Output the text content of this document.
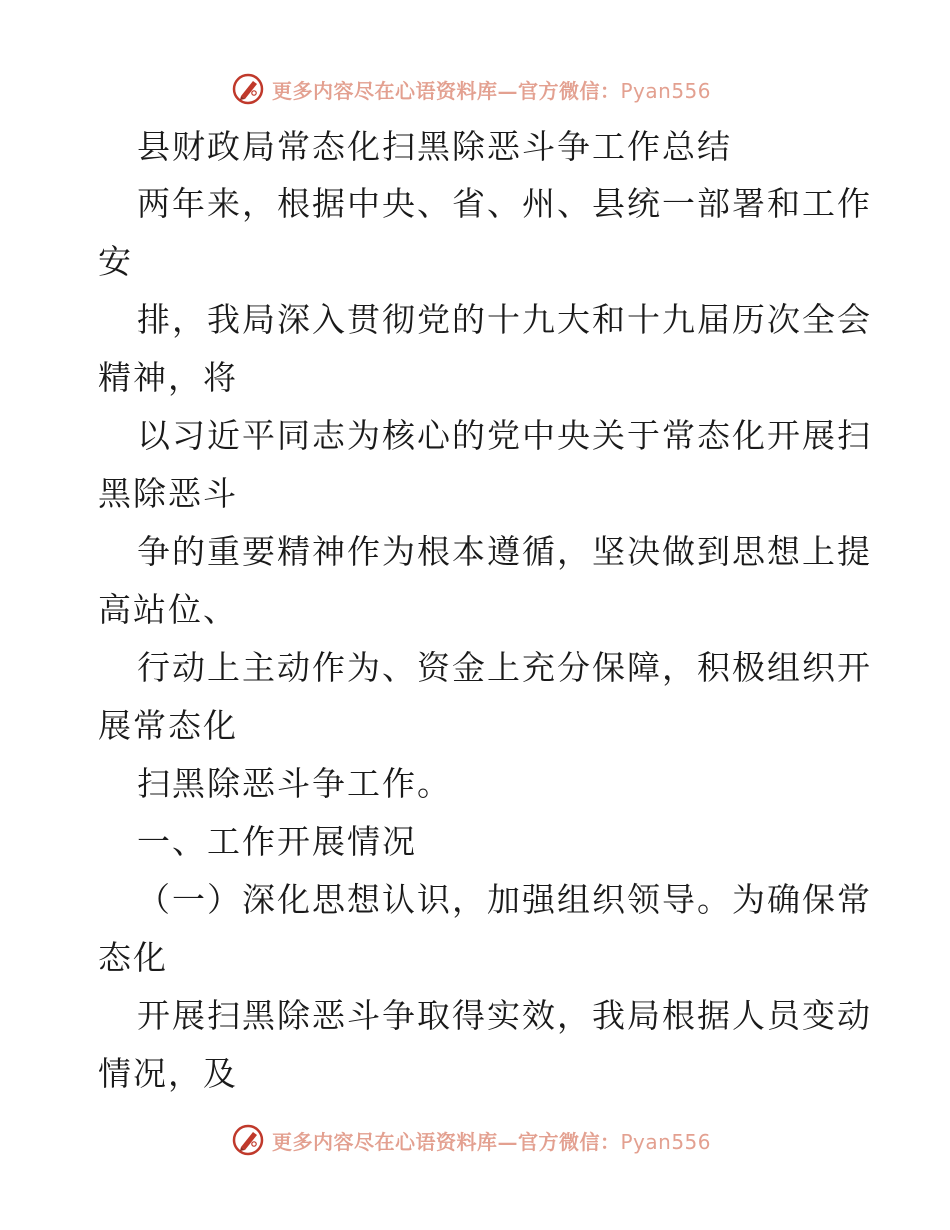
更多内容尽在心语资料库—官方微信：Pyan556
县财政局常态化扫黑除恶斗争工作总结
两年来，根据中央、省、州、县统一部署和工作
安
排，我局深入贯彻党的十九大和十九届历次全会
精神，将
以习近平同志为核心的党中央关于常态化开展扫
黑除恶斗
争的重要精神作为根本遵循，坚决做到思想上提
高站位、
行动上主动作为、资金上充分保障，积极组织开
展常态化
扫黑除恶斗争工作。
一、工作开展情况
（一）深化思想认识，加强组织领导。为确保常
态化
开展扫黑除恶斗争取得实效，我局根据人员变动
情况，及
更多内容尽在心语资料库—官方微信：Pyan556
